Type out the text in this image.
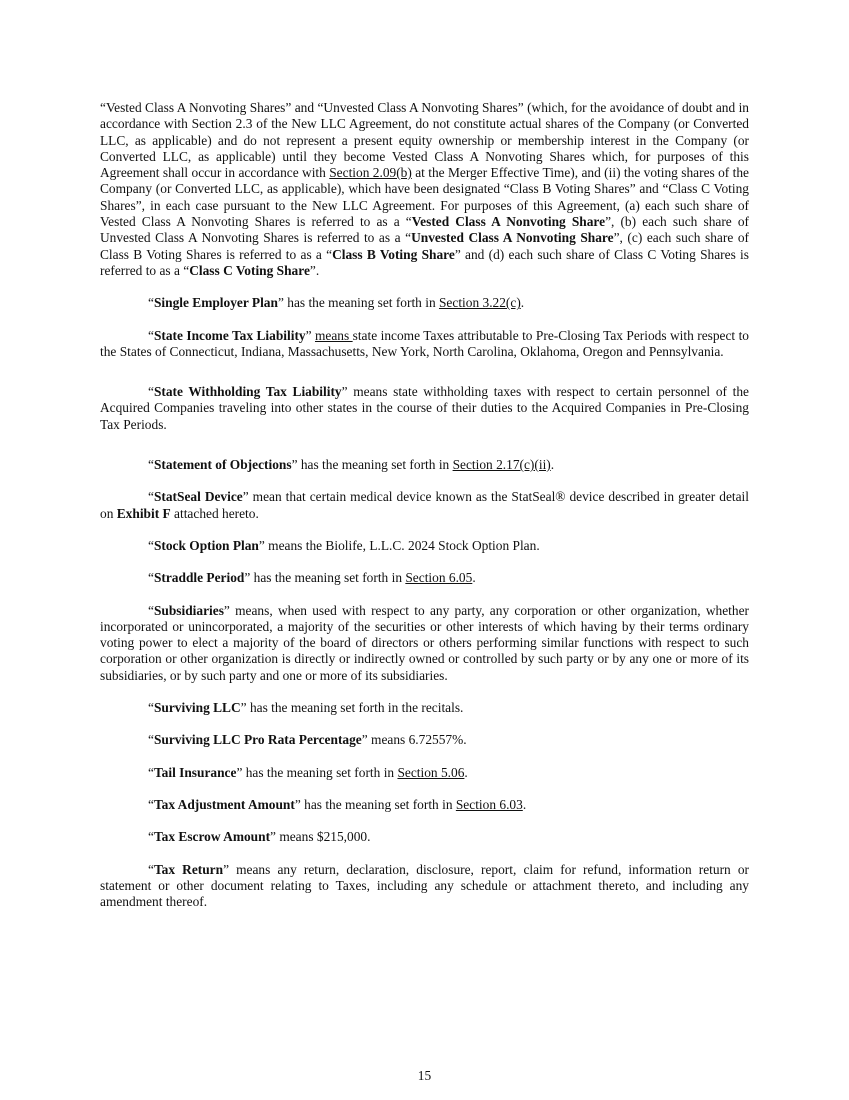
“Vested Class A Nonvoting Shares” and “Unvested Class A Nonvoting Shares” (which, for the avoidance of doubt and in accordance with Section 2.3 of the New LLC Agreement, do not constitute actual shares of the Company (or Converted LLC, as applicable) and do not represent a present equity ownership or membership interest in the Company (or Converted LLC, as applicable) until they become Vested Class A Nonvoting Shares which, for purposes of this Agreement shall occur in accordance with Section 2.09(b) at the Merger Effective Time), and (ii) the voting shares of the Company (or Converted LLC, as applicable), which have been designated “Class B Voting Shares” and “Class C Voting Shares”, in each case pursuant to the New LLC Agreement. For purposes of this Agreement, (a) each such share of Vested Class A Nonvoting Shares is referred to as a “Vested Class A Nonvoting Share”, (b) each such share of Unvested Class A Nonvoting Shares is referred to as a “Unvested Class A Nonvoting Share”, (c) each such share of Class B Voting Shares is referred to as a “Class B Voting Share” and (d) each such share of Class C Voting Shares is referred to as a “Class C Voting Share”.

“Single Employer Plan” has the meaning set forth in Section 3.22(c).

“State Income Tax Liability” means state income Taxes attributable to Pre-Closing Tax Periods with respect to the States of Connecticut, Indiana, Massachusetts, New York, North Carolina, Oklahoma, Oregon and Pennsylvania.

“State Withholding Tax Liability” means state withholding taxes with respect to certain personnel of the Acquired Companies traveling into other states in the course of their duties to the Acquired Companies in Pre-Closing Tax Periods.

“Statement of Objections” has the meaning set forth in Section 2.17(c)(ii).

“StatSeal Device” mean that certain medical device known as the StatSeal® device described in greater detail on Exhibit F attached hereto.

“Stock Option Plan” means the Biolife, L.L.C. 2024 Stock Option Plan.

“Straddle Period” has the meaning set forth in Section 6.05.

“Subsidiaries” means, when used with respect to any party, any corporation or other organization, whether incorporated or unincorporated, a majority of the securities or other interests of which having by their terms ordinary voting power to elect a majority of the board of directors or others performing similar functions with respect to such corporation or other organization is directly or indirectly owned or controlled by such party or by any one or more of its subsidiaries, or by such party and one or more of its subsidiaries.

“Surviving LLC” has the meaning set forth in the recitals.

“Surviving LLC Pro Rata Percentage” means 6.72557%.

“Tail Insurance” has the meaning set forth in Section 5.06.

“Tax Adjustment Amount” has the meaning set forth in Section 6.03.

“Tax Escrow Amount” means $215,000.

“Tax Return” means any return, declaration, disclosure, report, claim for refund, information return or statement or other document relating to Taxes, including any schedule or attachment thereto, and including any amendment thereof.

15
